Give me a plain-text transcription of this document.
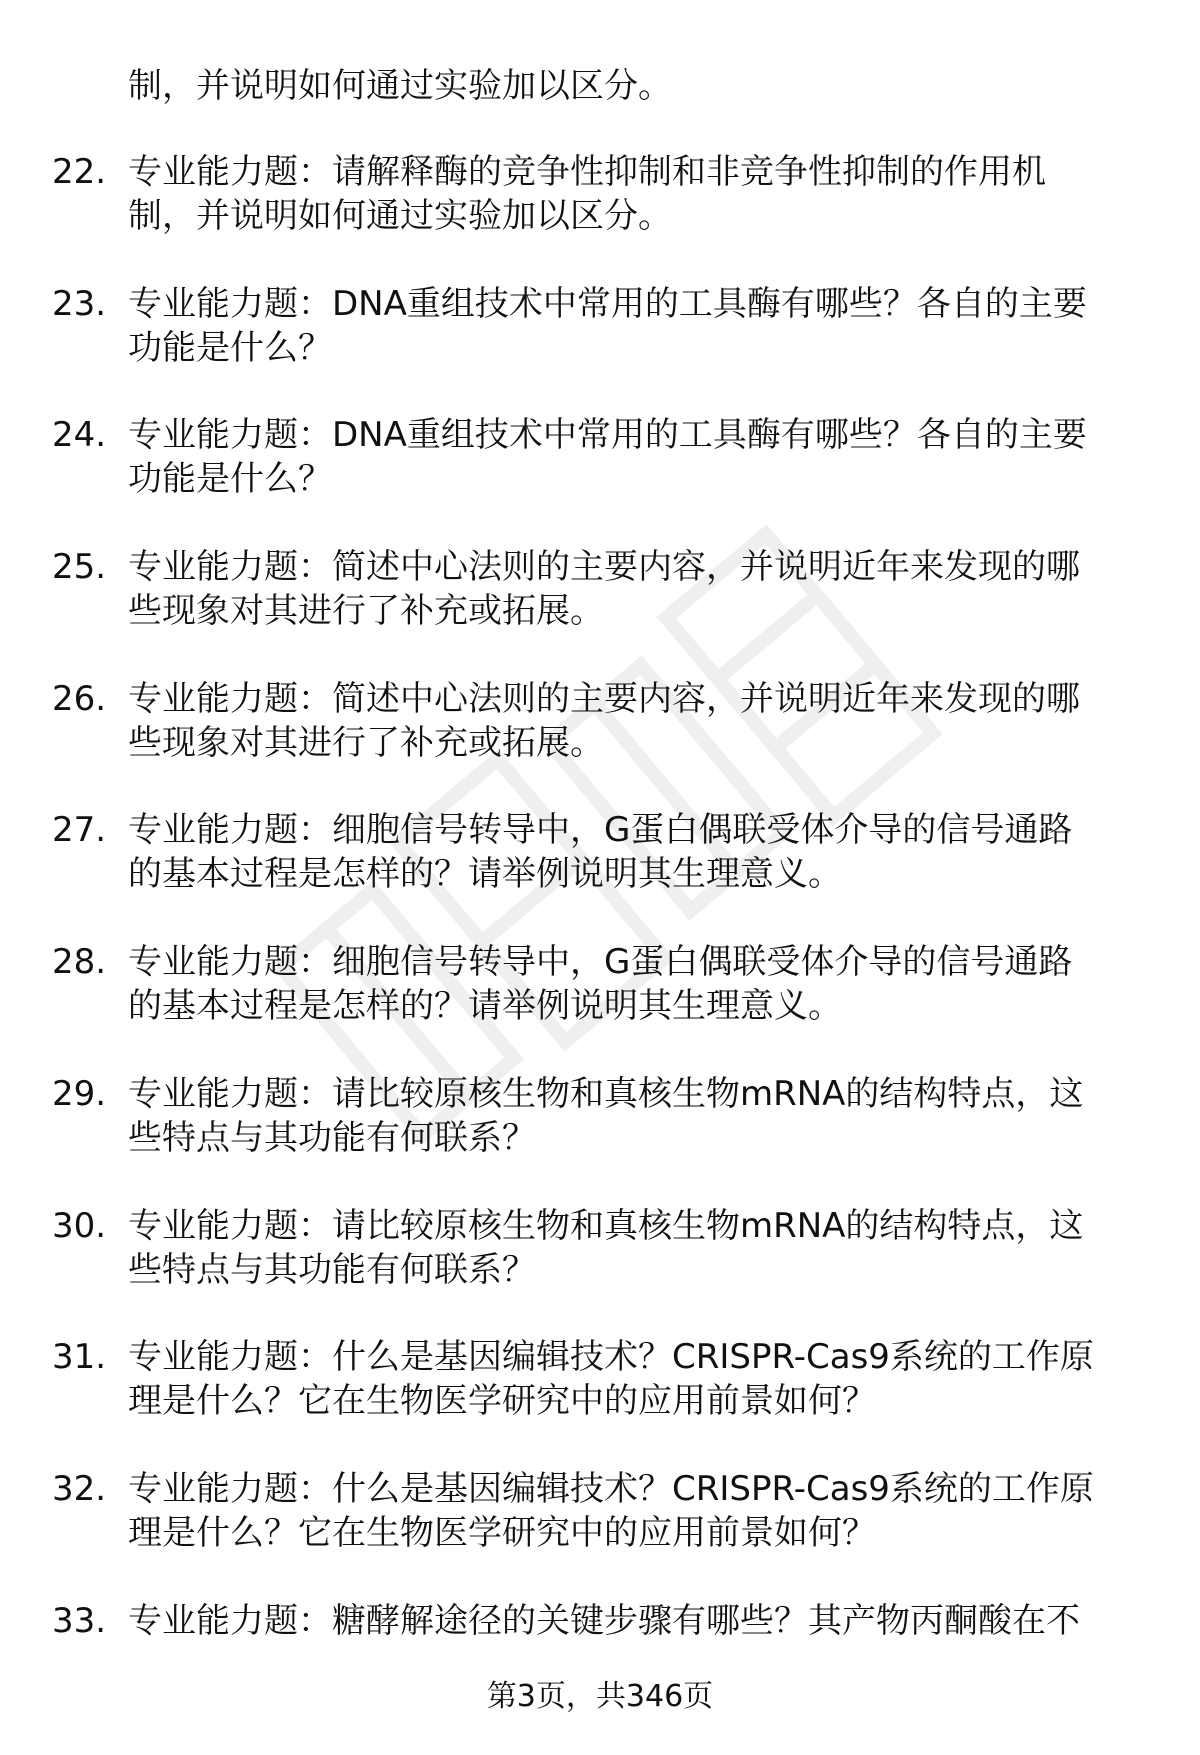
制，并说明如何通过实验加以区分。
22. 专业能力题：请解释酶的竞争性抑制和非竞争性抑制的作用机
制，并说明如何通过实验加以区分。
23. 专业能力题：DNA重组技术中常用的工具酶有哪些？各自的主要
功能是什么？
24. 专业能力题：DNA重组技术中常用的工具酶有哪些？各自的主要
功能是什么？
25. 专业能力题：简述中心法则的主要内容，并说明近年来发现的哪
些现象对其进行了补充或拓展。
26. 专业能力题：简述中心法则的主要内容，并说明近年来发现的哪
些现象对其进行了补充或拓展。
27. 专业能力题：细胞信号转导中，G蛋白偶联受体介导的信号通路
的基本过程是怎样的？请举例说明其生理意义。
28. 专业能力题：细胞信号转导中，G蛋白偶联受体介导的信号通路
的基本过程是怎样的？请举例说明其生理意义。
29. 专业能力题：请比较原核生物和真核生物mRNA的结构特点，这
些特点与其功能有何联系？
30. 专业能力题：请比较原核生物和真核生物mRNA的结构特点，这
些特点与其功能有何联系？
31. 专业能力题：什么是基因编辑技术？CRISPR-Cas9系统的工作原
理是什么？它在生物医学研究中的应用前景如何？
32. 专业能力题：什么是基因编辑技术？CRISPR-Cas9系统的工作原
理是什么？它在生物医学研究中的应用前景如何？
33. 专业能力题：糖酵解途径的关键步骤有哪些？其产物丙酮酸在不
第3页，共346页
